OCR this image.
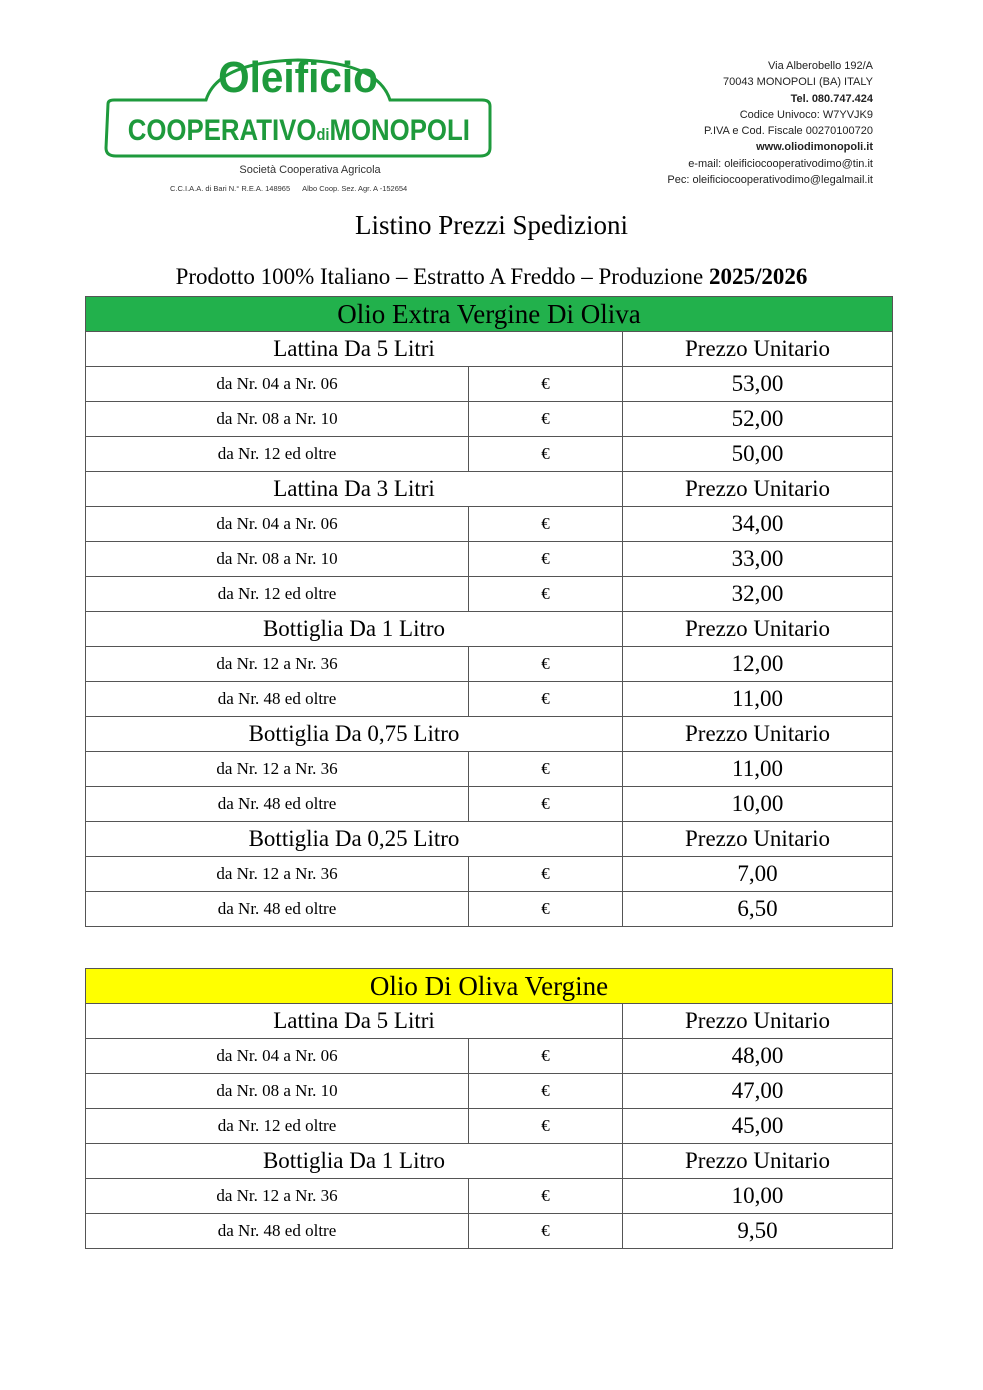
Oleificio
COOPERATIVOdiMONOPOLI
Società Cooperativa Agricola
C.C.I.A.A. di Bari N.° R.E.A. 148965 Albo Coop. Sez. Agr. A -152654
Via Alberobello 192/A
70043 MONOPOLI (BA) ITALY
Tel. 080.747.424
Codice Univoco: W7YVJK9
P.IVA e Cod. Fiscale 00270100720
www.oliodimonopoli.it
e-mail: oleificiocooperativodimo@tin.it
Pec: oleificiocooperativodimo@legalmail.it
Listino Prezzi Spedizioni
Prodotto 100% Italiano – Estratto A Freddo – Produzione 2025/2026
Olio Extra Vergine Di Oliva		
Lattina Da 5 Litri		Prezzo Unitario
da Nr. 04 a Nr. 06	€	53,00
da Nr. 08 a Nr. 10	€	52,00
da Nr. 12 ed oltre	€	50,00
Lattina Da 3 Litri		Prezzo Unitario
da Nr. 04 a Nr. 06	€	34,00
da Nr. 08 a Nr. 10	€	33,00
da Nr. 12 ed oltre	€	32,00
Bottiglia Da 1 Litro		Prezzo Unitario
da Nr. 12 a Nr. 36	€	12,00
da Nr. 48 ed oltre	€	11,00
Bottiglia Da 0,75 Litro		Prezzo Unitario
da Nr. 12 a Nr. 36	€	11,00
da Nr. 48 ed oltre	€	10,00
Bottiglia Da 0,25 Litro		Prezzo Unitario
da Nr. 12 a Nr. 36	€	7,00
da Nr. 48 ed oltre	€	6,50
Olio Di Oliva Vergine		
Lattina Da 5 Litri		Prezzo Unitario
da Nr. 04 a Nr. 06	€	48,00
da Nr. 08 a Nr. 10	€	47,00
da Nr. 12 ed oltre	€	45,00
Bottiglia Da 1 Litro		Prezzo Unitario
da Nr. 12 a Nr. 36	€	10,00
da Nr. 48 ed oltre	€	9,50
